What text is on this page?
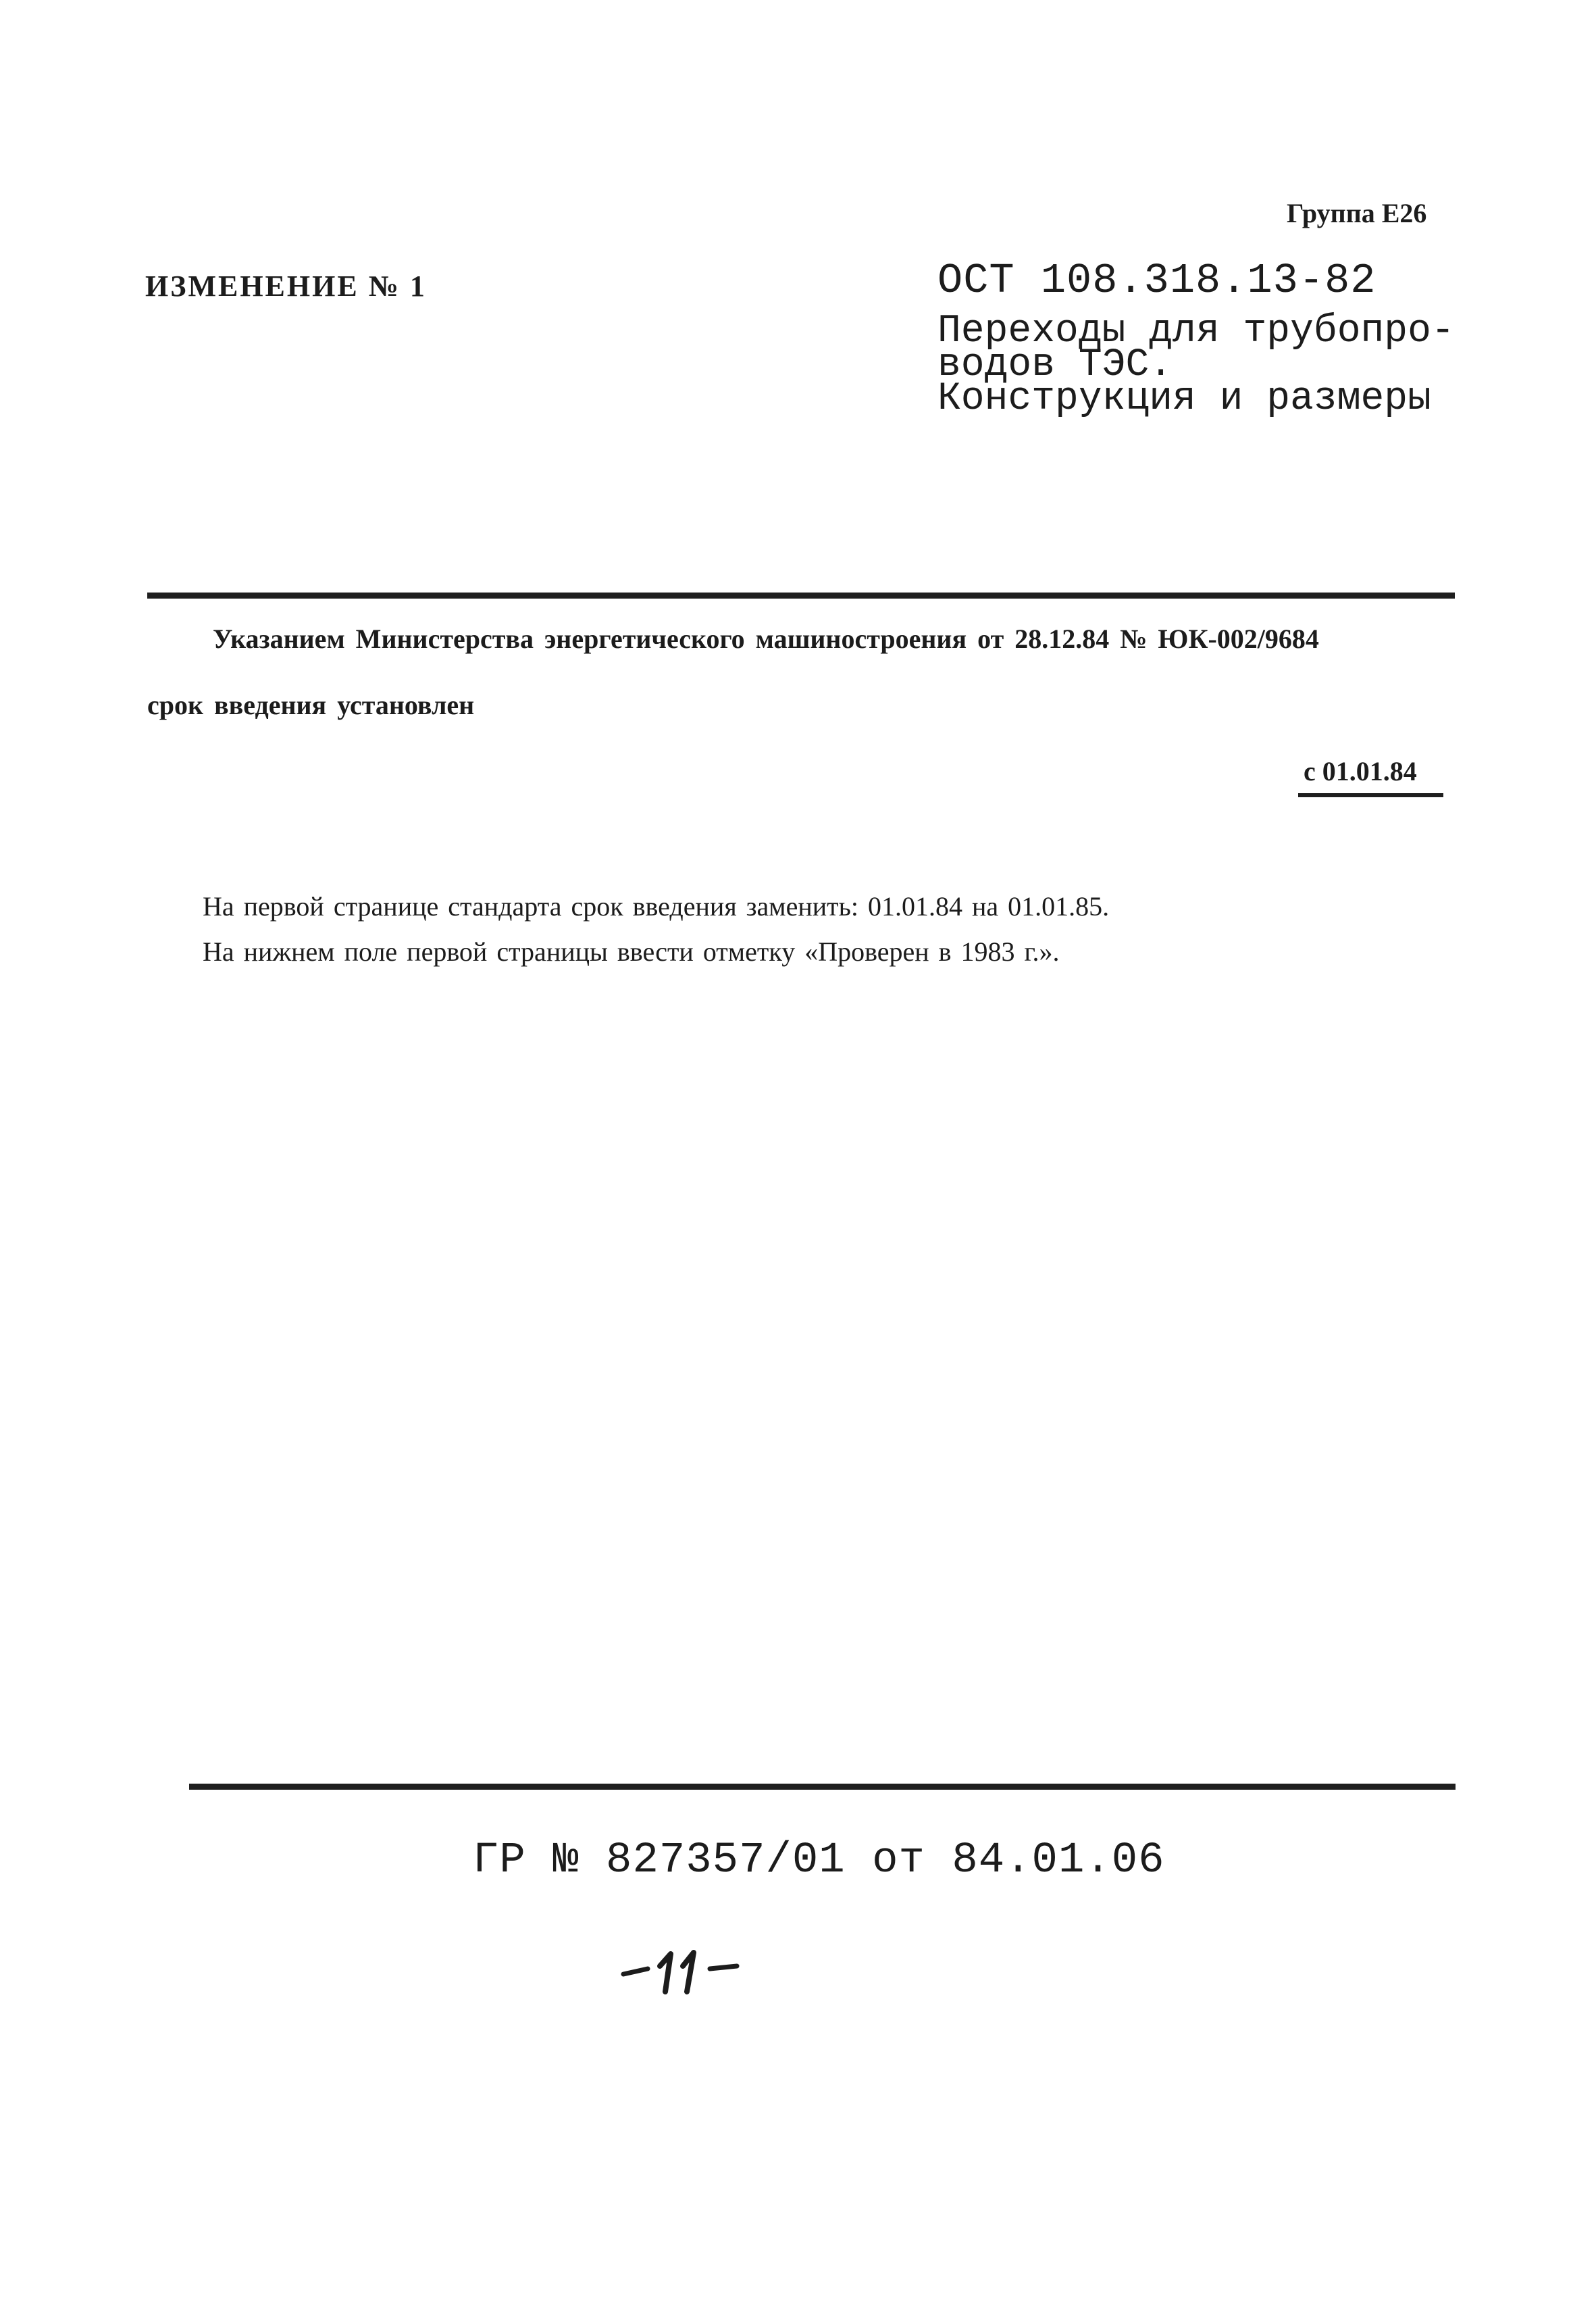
Группа Е26
ИЗМЕНЕНИЕ № 1	ОСТ 108.318.13-82
Переходы для трубопро-
водов ТЭС.
Конструкция и размеры
Указанием Министерства энергетического машиностроения от 28.12.84 № ЮК-002/9684
срок введения установлен
с 01.01.84
На первой странице стандарта срок введения заменить: 01.01.84 на 01.01.85.
На нижнем поле первой страницы ввести отметку «Проверен в 1983 г.».
ГР № 827357/01 от 84.01.06
